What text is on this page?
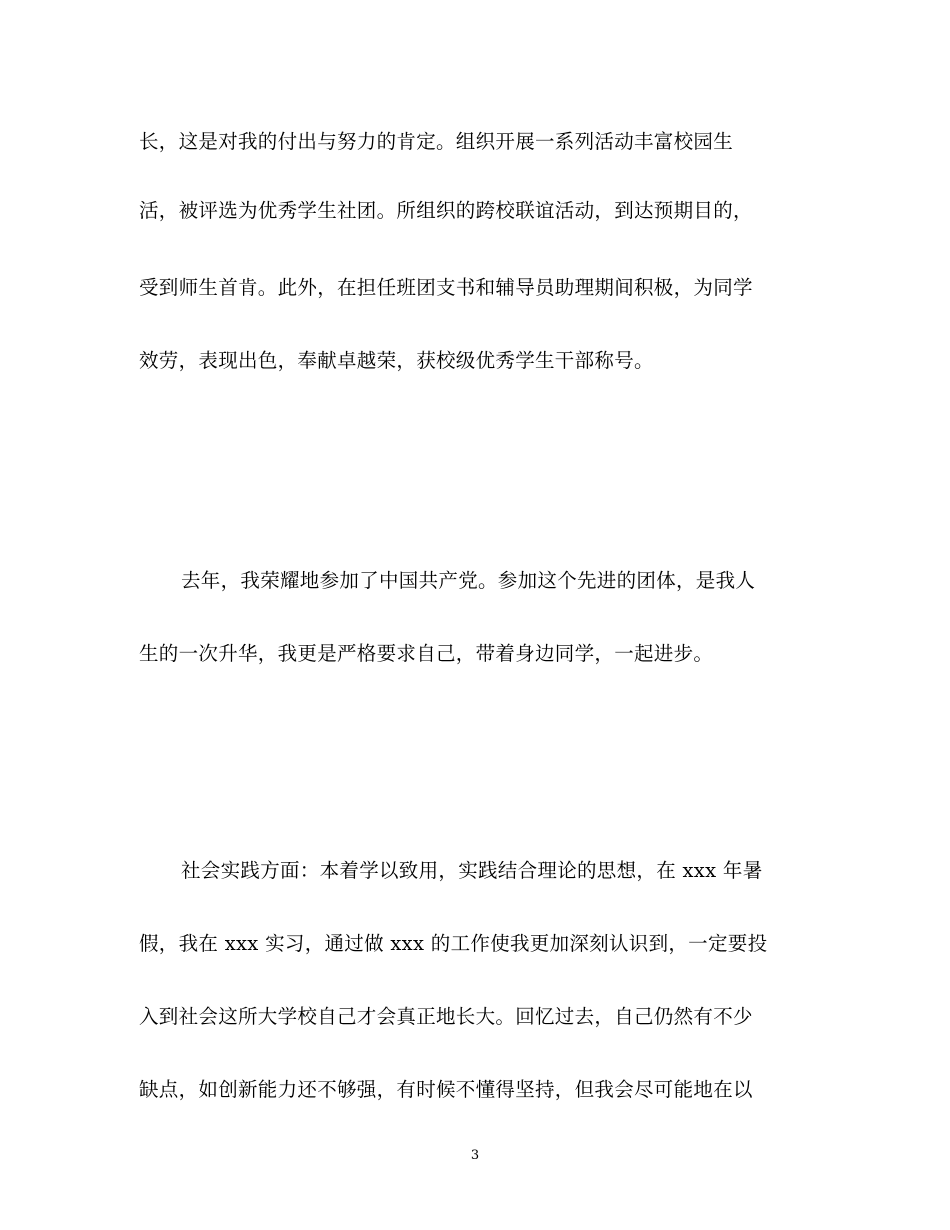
长，这是对我的付出与努力的肯定。组织开展一系列活动丰富校园生
活，被评选为优秀学生社团。所组织的跨校联谊活动，到达预期目的，
受到师生首肯。此外，在担任班团支书和辅导员助理期间积极，为同学
效劳，表现出色，奉献卓越荣，获校级优秀学生干部称号。
去年，我荣耀地参加了中国共产党。参加这个先进的团体，是我人
生的一次升华，我更是严格要求自己，带着身边同学，一起进步。
社会实践方面：本着学以致用，实践结合理论的思想，在 xxx 年暑
假，我在 xxx 实习，通过做 xxx 的工作使我更加深刻认识到，一定要投
入到社会这所大学校自己才会真正地长大。回忆过去，自己仍然有不少
缺点，如创新能力还不够强，有时候不懂得坚持，但我会尽可能地在以
3
